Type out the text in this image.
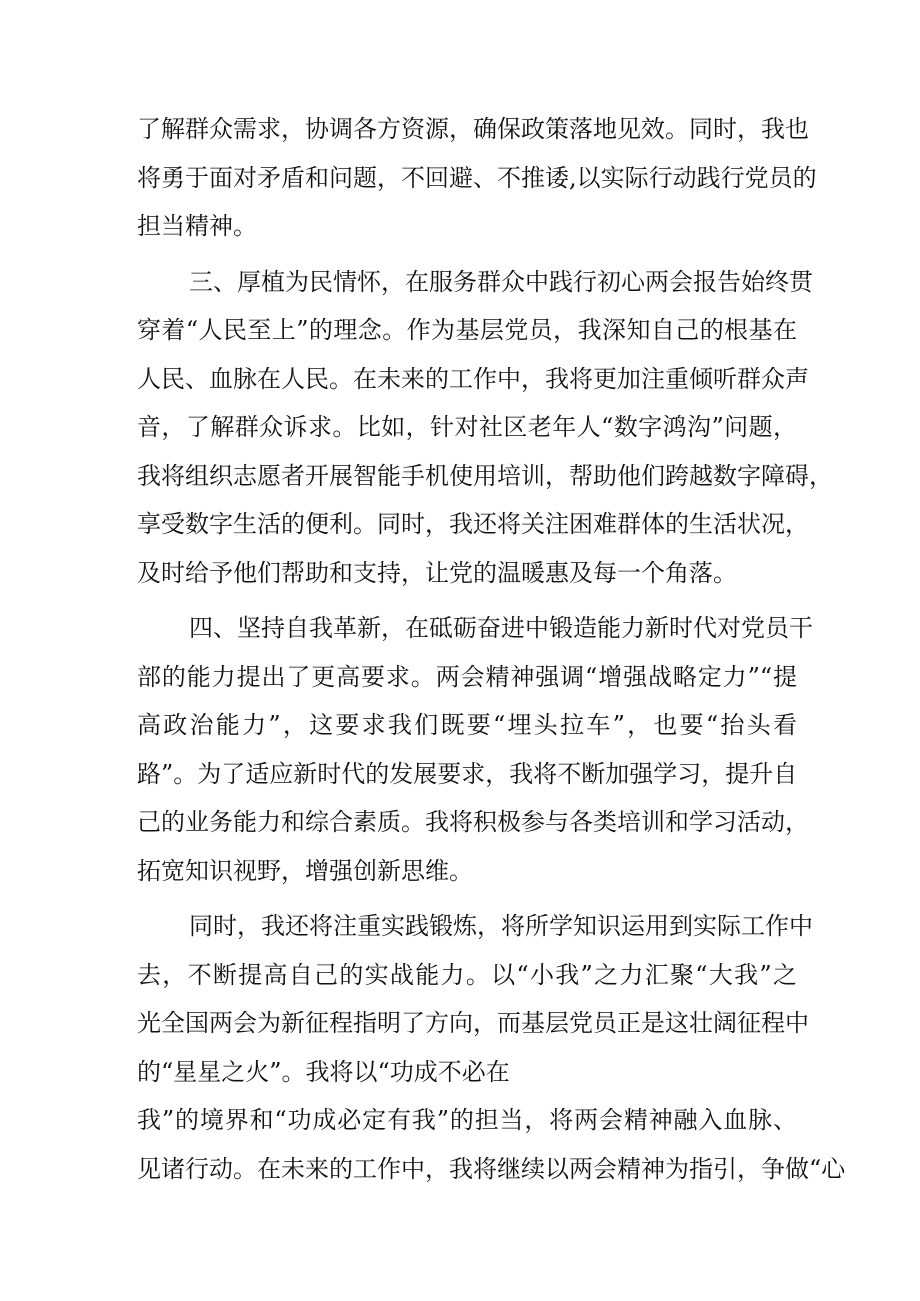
了解群众需求，协调各方资源，确保政策落地见效。同时，我也
将勇于面对矛盾和问题，不回避、不推诿,以实际行动践行党员的
担当精神。
三、厚植为民情怀，在服务群众中践行初心两会报告始终贯
穿着“人民至上”的理念。作为基层党员，我深知自己的根基在
人民、血脉在人民。在未来的工作中，我将更加注重倾听群众声
音，了解群众诉求。比如，针对社区老年人“数字鸿沟”问题，
我将组织志愿者开展智能手机使用培训，帮助他们跨越数字障碍，
享受数字生活的便利。同时，我还将关注困难群体的生活状况，
及时给予他们帮助和支持，让党的温暖惠及每一个角落。
四、坚持自我革新，在砥砺奋进中锻造能力新时代对党员干
部的能力提出了更高要求。两会精神强调“增强战略定力”“提
高政治能力”，这要求我们既要“埋头拉车”，也要“抬头看
路”。为了适应新时代的发展要求，我将不断加强学习，提升自
己的业务能力和综合素质。我将积极参与各类培训和学习活动，
拓宽知识视野，增强创新思维。
同时，我还将注重实践锻炼，将所学知识运用到实际工作中
去，不断提高自己的实战能力。以“小我”之力汇聚“大我”之
光全国两会为新征程指明了方向，而基层党员正是这壮阔征程中
的“星星之火”。我将以“功成不必在
我”的境界和“功成必定有我”的担当，将两会精神融入血脉、
见诸行动。在未来的工作中，我将继续以两会精神为指引，争做“心
